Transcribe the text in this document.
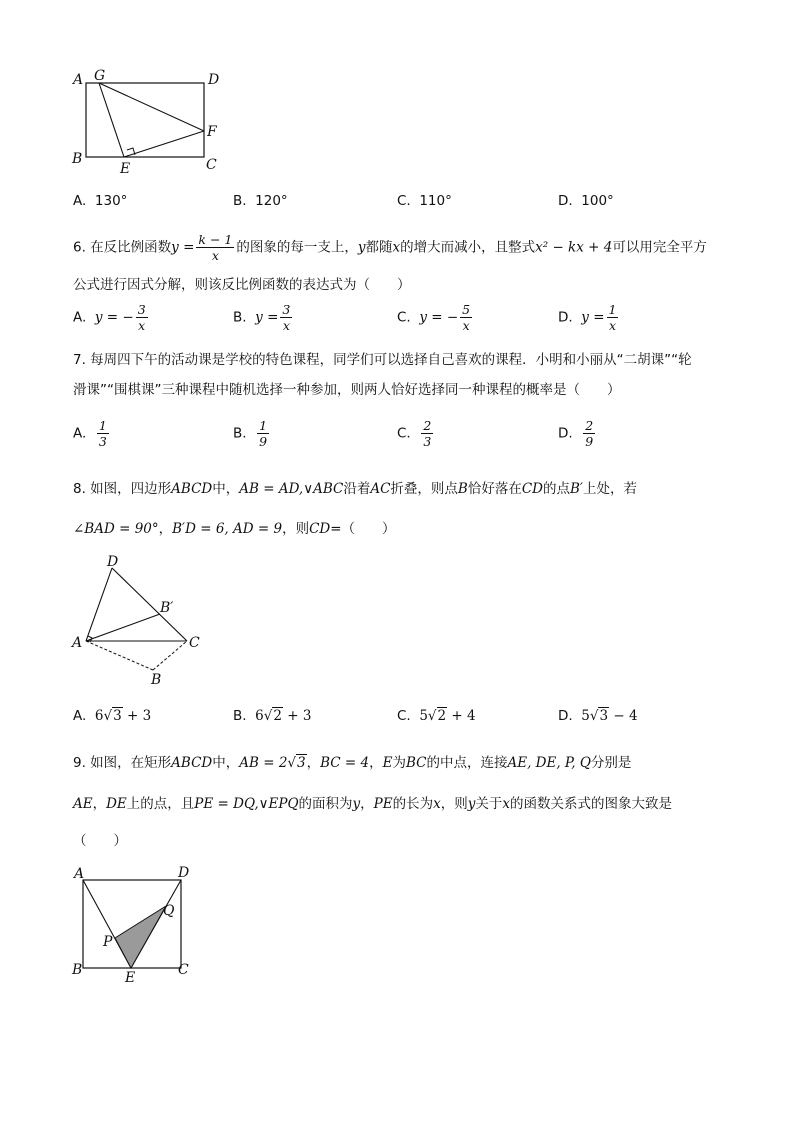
A G	D
F
B
E	C
A. 130°	B. 120°	C. 110°	D. 100°
6. 在反比例函数$y = \frac{k - 1}{x}$ 的图象的每一支上，y都随x的增大而减小，且整式x² − kx + 4可以用完全平方
公式进行因式分解，则该反比例函数的表达式为（　　）
A. y = − $\frac{3}{x}$	B. $y = \frac{3}{x}$	C. y = − $\frac{5}{x}$	D. $y = \frac{1}{x}$
7. 每周四下午的活动课是学校的特色课程，同学们可以选择自己喜欢的课程．小明和小丽从“二胡课”“轮
滑课”“围棋课”三种课程中随机选择一种参加，则两人恰好选择同一种课程的概率是（　　）
A. $\frac{1}{3}$	B. $\frac{1}{9}$	C. $\frac{2}{3}$	D. $\frac{2}{9}$
8. 如图，四边形ABCD中，AB = AD,∨ABC沿着AC折叠，则点B恰好落在CD的点B′上处，若
∠BAD = 90°，B′D = 6, AD = 9，则CD=（　　）
D
B′
A	C
B
A. 6√3 + 3	B. 6√2 + 3	C. 5√2 + 4	D. 5√3 − 4
9. 如图，在矩形ABCD中，AB = 2√3，BC = 4，E为BC的中点，连接AE, DE, P, Q分别是
AE，DE上的点，且PE = DQ,∨EPQ的面积为y，PE的长为x，则y关于x的函数关系式的图象大致是
（　　）
A	D
Q
P
B	E	C
